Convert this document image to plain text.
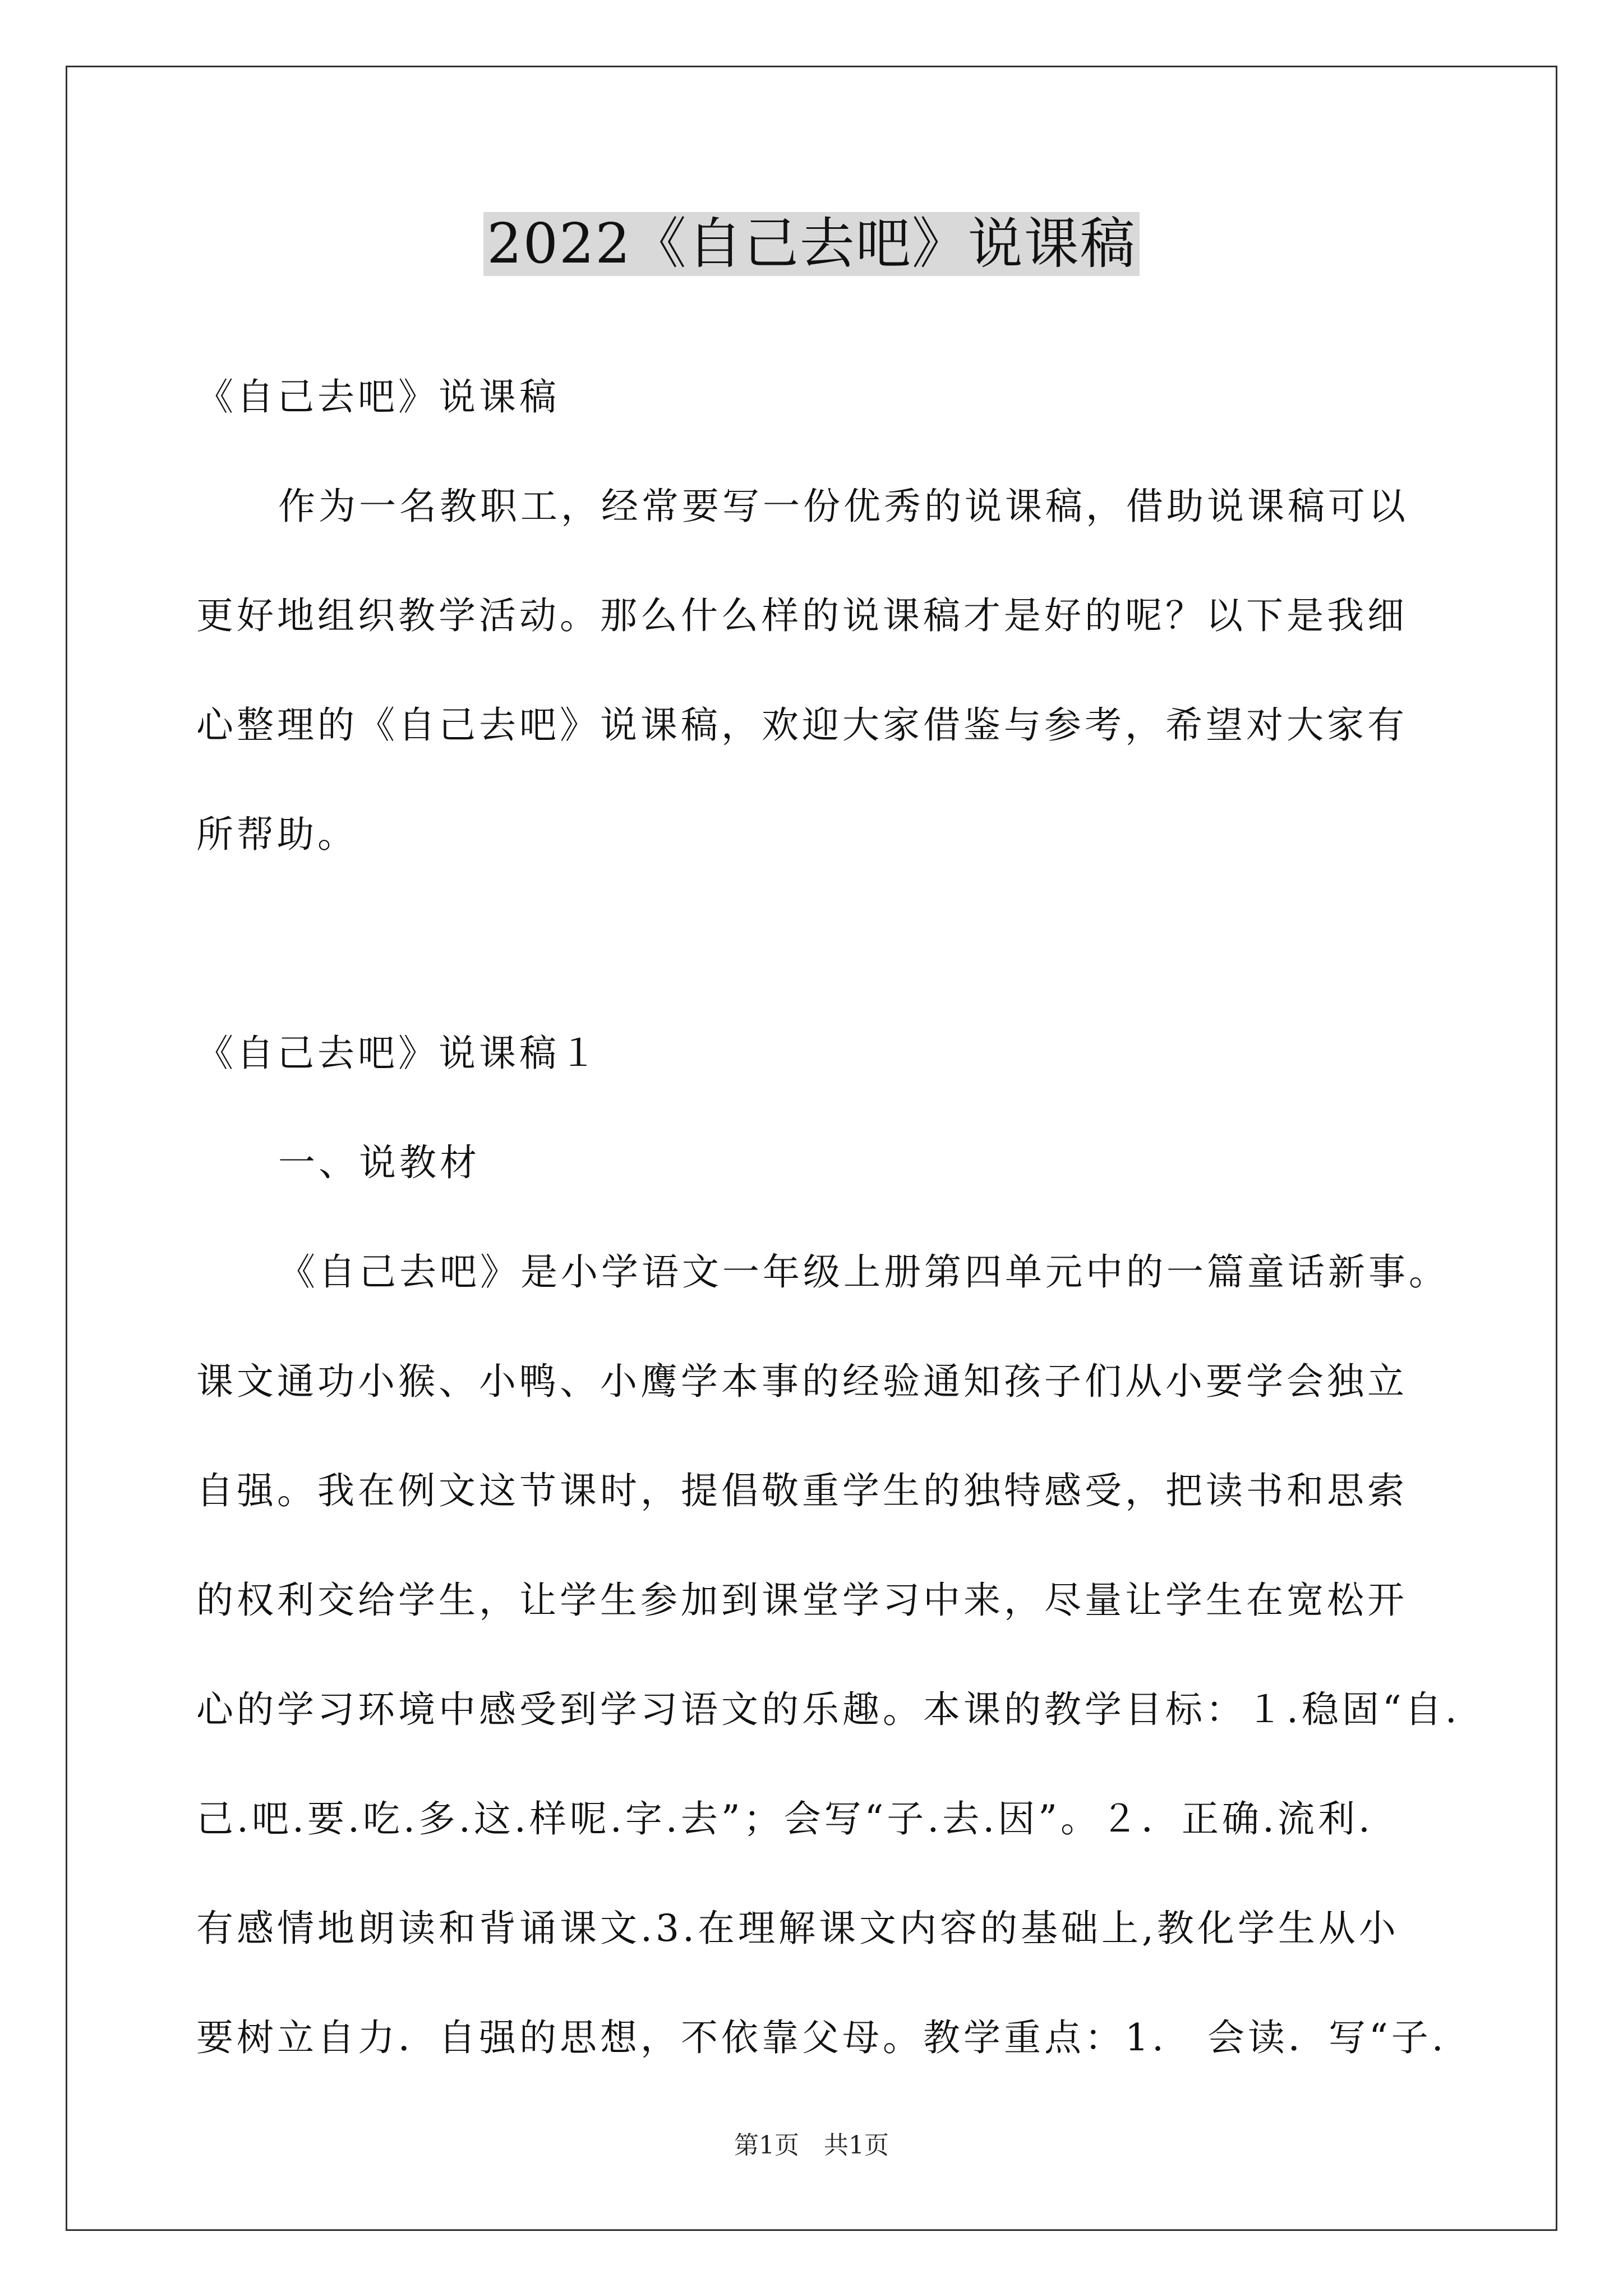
2022《自己去吧》说课稿
《自己去吧》说课稿
作为一名教职工，经常要写一份优秀的说课稿，借助说课稿可以
更好地组织教学活动。那么什么样的说课稿才是好的呢？以下是我细
心整理的《自己去吧》说课稿，欢迎大家借鉴与参考，希望对大家有
所帮助。
《自己去吧》说课稿１
一、说教材
《自己去吧》是小学语文一年级上册第四单元中的一篇童话新事。
课文通功小猴、小鸭、小鹰学本事的经验通知孩子们从小要学会独立
自强。我在例文这节课时，提倡敬重学生的独特感受，把读书和思索
的权利交给学生，让学生参加到课堂学习中来，尽量让学生在宽松开
心的学习环境中感受到学习语文的乐趣。本课的教学目标：１.稳固“自.
己.吧.要.吃.多.这.样呢.字.去”；会写“子.去.因”。２．正确.流利.
有感情地朗读和背诵课文.3.在理解课文内容的基础上,教化学生从小
要树立自力．自强的思想，不依靠父母。教学重点：1.　会读．写“子.
第1页　共1页
